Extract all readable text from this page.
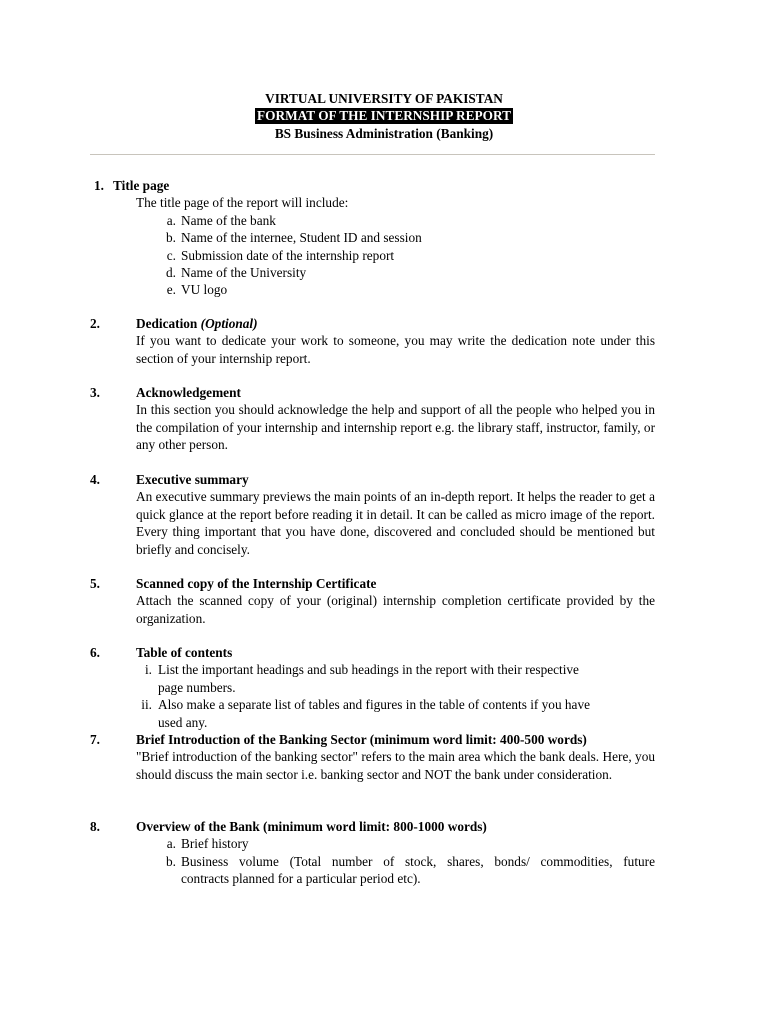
VIRTUAL UNIVERSITY OF PAKISTAN
FORMAT OF THE INTERNSHIP REPORT
BS Business Administration (Banking)
1. Title page
The title page of the report will include:
a. Name of the bank
b. Name of the internee, Student ID and session
c. Submission date of the internship report
d. Name of the University
e. VU logo
2.	Dedication (Optional)
If you want to dedicate your work to someone, you may write the dedication note under this section of your internship report.
3.	Acknowledgement
In this section you should acknowledge the help and support of all the people who helped you in the compilation of your internship and internship report e.g. the library staff, instructor, family, or any other person.
4.	Executive summary
An executive summary previews the main points of an in-depth report. It helps the reader to get a quick glance at the report before reading it in detail. It can be called as micro image of the report. Every thing important that you have done, discovered and concluded should be mentioned but briefly and concisely.
5.	Scanned copy of the Internship Certificate
Attach the scanned copy of your (original) internship completion certificate provided by the organization.
6.	Table of contents
i. List the important headings and sub headings in the report with their respective
page numbers.
ii. Also make a separate list of tables and figures in the table of contents if you have
used any.
7.	Brief Introduction of the Banking Sector (minimum word limit: 400-500 words)
"Brief introduction of the banking sector" refers to the main area which the bank deals. Here, you should discuss the main sector i.e. banking sector and NOT the bank under consideration.
8.	Overview of the Bank (minimum word limit: 800-1000 words)
a. Brief history
b. Business volume (Total number of stock, shares, bonds/ commodities, future
contracts planned for a particular period etc).
